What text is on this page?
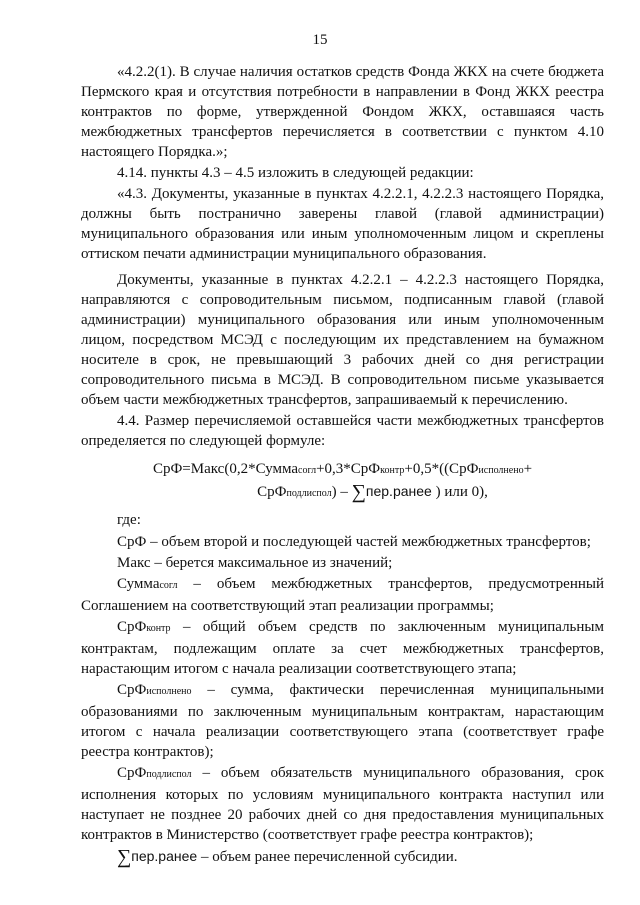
15

«4.2.2(1). В случае наличия остатков средств Фонда ЖКХ на счете бюджета Пермского края и отсутствия потребности в направлении в Фонд ЖКХ реестра контрактов по форме, утвержденной Фондом ЖКХ, оставшаяся часть межбюджетных трансфертов перечисляется в соответствии с пунктом 4.10 настоящего Порядка.»;

4.14. пункты 4.3 – 4.5 изложить в следующей редакции:

«4.3. Документы, указанные в пунктах 4.2.2.1, 4.2.2.3 настоящего Порядка, должны быть постранично заверены главой (главой администрации) муниципального образования или иным уполномоченным лицом и скреплены оттиском печати администрации муниципального образования.

Документы, указанные в пунктах 4.2.2.1 – 4.2.2.3 настоящего Порядка, направляются с сопроводительным письмом, подписанным главой (главой администрации) муниципального образования или иным уполномоченным лицом, посредством МСЭД с последующим их представлением на бумажном носителе в срок, не превышающий 3 рабочих дней со дня регистрации сопроводительного письма в МСЭД. В сопроводительном письме указывается объем части межбюджетных трансфертов, запрашиваемый к перечислению.

4.4. Размер перечисляемой оставшейся части межбюджетных трансфертов определяется по следующей формуле:

СрФ=Макс(0,2*Суммасогл+0,3*СрФконтр+0,5*((СрФисполнено+
СрФподлиспол) – ∑пер.ранее ) или 0),
где:

СрФ – объем второй и последующей частей межбюджетных трансфертов;

Макс – берется максимальное из значений;

Суммасогл – объем межбюджетных трансфертов, предусмотренный Соглашением на соответствующий этап реализации программы;

СрФконтр – общий объем средств по заключенным муниципальным контрактам, подлежащим оплате за счет межбюджетных трансфертов, нарастающим итогом с начала реализации соответствующего этапа;

СрФисполнено – сумма, фактически перечисленная муниципальными образованиями по заключенным муниципальным контрактам, нарастающим итогом с начала реализации соответствующего этапа (соответствует графе реестра контрактов);

СрФподлиспол – объем обязательств муниципального образования, срок исполнения которых по условиям муниципального контракта наступил или наступает не позднее 20 рабочих дней со дня предоставления муниципальных контрактов в Министерство (соответствует графе реестра контрактов);

∑пер.ранее – объем ранее перечисленной субсидии.
